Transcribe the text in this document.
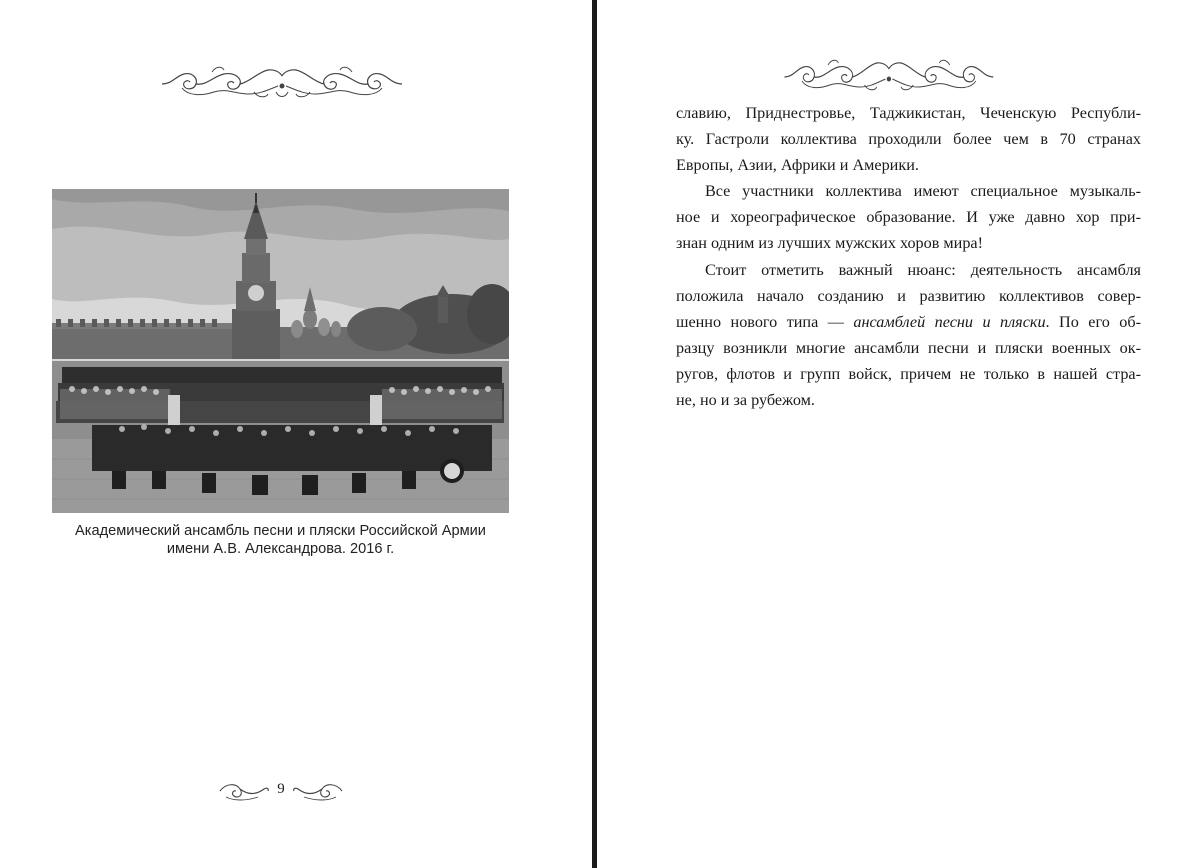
Академический ансамбль песни и пляски Российской Армии
имени А.В. Александрова. 2016 г.
9
славию, Приднестровье, Таджикистан, Чеченскую Республи-
ку. Гастроли коллектива проходили более чем в 70 странах
Европы, Азии, Африки и Америки.
Все участники коллектива имеют специальное музыкаль-
ное и хореографическое образование. И уже давно хор при-
знан одним из лучших мужских хоров мира!
Стоит отметить важный нюанс: деятельность ансамбля
положила начало созданию и развитию коллективов совер-
шенно нового типа — ансамблей песни и пляски. По его об-
разцу возникли многие ансамбли песни и пляски военных ок-
ругов, флотов и групп войск, причем не только в нашей стра-
не, но и за рубежом.
